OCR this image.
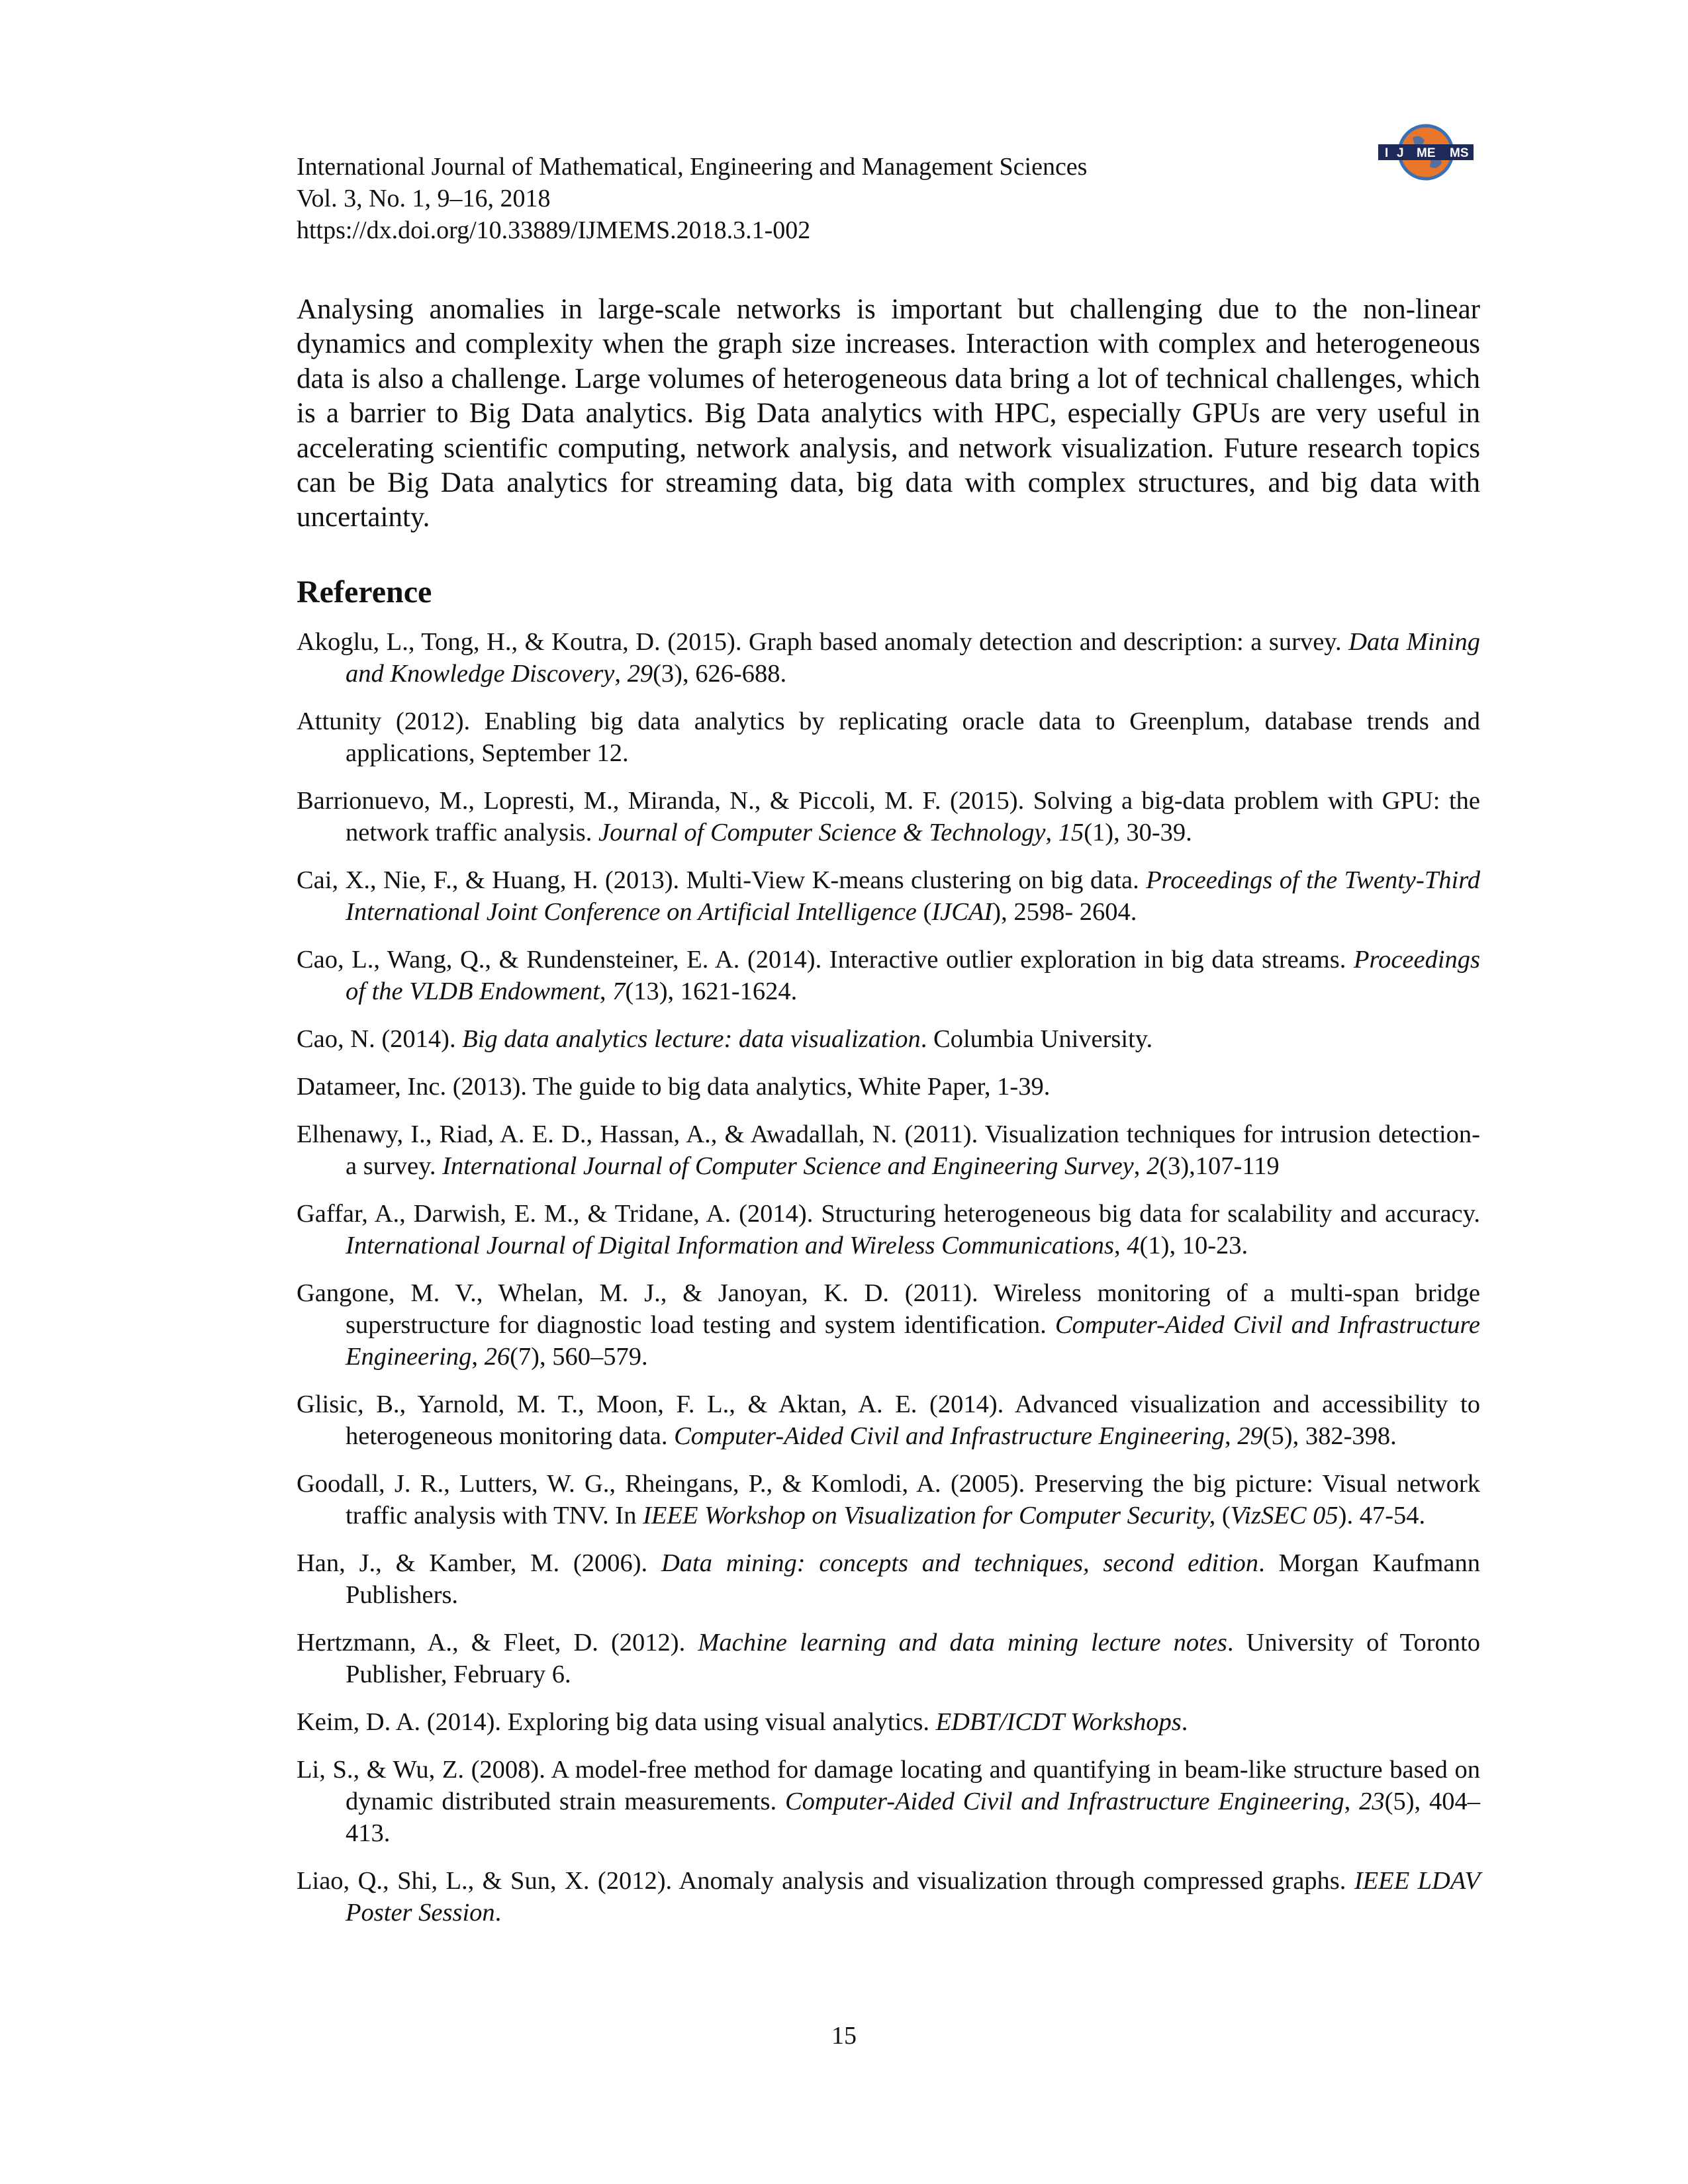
International Journal of Mathematical, Engineering and Management Sciences
Vol. 3, No. 1, 9–16, 2018
https://dx.doi.org/10.33889/IJMEMS.2018.3.1-002
I J ME MS
Analysing anomalies in large-scale networks is important but challenging due to the non-linear dynamics and complexity when the graph size increases. Interaction with complex and heterogeneous data is also a challenge. Large volumes of heterogeneous data bring a lot of technical challenges, which is a barrier to Big Data analytics. Big Data analytics with HPC, especially GPUs are very useful in accelerating scientific computing, network analysis, and network visualization. Future research topics can be Big Data analytics for streaming data, big data with complex structures, and big data with uncertainty.
Reference

Akoglu, L., Tong, H., & Koutra, D. (2015). Graph based anomaly detection and description: a survey. Data Mining and Knowledge Discovery, 29(3), 626-688.

Attunity (2012). Enabling big data analytics by replicating oracle data to Greenplum, database trends and applications, September 12.

Barrionuevo, M., Lopresti, M., Miranda, N., & Piccoli, M. F. (2015). Solving a big-data problem with GPU: the network traffic analysis. Journal of Computer Science & Technology, 15(1), 30-39.

Cai, X., Nie, F., & Huang, H. (2013). Multi-View K-means clustering on big data. Proceedings of the Twenty-Third International Joint Conference on Artificial Intelligence (IJCAI), 2598- 2604.

Cao, L., Wang, Q., & Rundensteiner, E. A. (2014). Interactive outlier exploration in big data streams. Proceedings of the VLDB Endowment, 7(13), 1621-1624.

Cao, N. (2014). Big data analytics lecture: data visualization. Columbia University.

Datameer, Inc. (2013). The guide to big data analytics, White Paper, 1-39.

Elhenawy, I., Riad, A. E. D., Hassan, A., & Awadallah, N. (2011). Visualization techniques for intrusion detection- a survey. International Journal of Computer Science and Engineering Survey, 2(3),107-119

Gaffar, A., Darwish, E. M., & Tridane, A. (2014). Structuring heterogeneous big data for scalability and accuracy. International Journal of Digital Information and Wireless Communications, 4(1), 10-23.

Gangone, M. V., Whelan, M. J., & Janoyan, K. D. (2011). Wireless monitoring of a multi-span bridge superstructure for diagnostic load testing and system identification. Computer-Aided Civil and Infrastructure Engineering, 26(7), 560–579.

Glisic, B., Yarnold, M. T., Moon, F. L., & Aktan, A. E. (2014). Advanced visualization and accessibility to heterogeneous monitoring data. Computer-Aided Civil and Infrastructure Engineering, 29(5), 382-398.

Goodall, J. R., Lutters, W. G., Rheingans, P., & Komlodi, A. (2005). Preserving the big picture: Visual network traffic analysis with TNV. In IEEE Workshop on Visualization for Computer Security, (VizSEC 05). 47-54.

Han, J., & Kamber, M. (2006). Data mining: concepts and techniques, second edition. Morgan Kaufmann Publishers.

Hertzmann, A., & Fleet, D. (2012). Machine learning and data mining lecture notes. University of Toronto Publisher, February 6.

Keim, D. A. (2014). Exploring big data using visual analytics. EDBT/ICDT Workshops.

Li, S., & Wu, Z. (2008). A model-free method for damage locating and quantifying in beam-like structure based on dynamic distributed strain measurements. Computer-Aided Civil and Infrastructure Engineering, 23(5), 404–413.

Liao, Q., Shi, L., & Sun, X. (2012). Anomaly analysis and visualization through compressed graphs. IEEE LDAV Poster Session.

15
